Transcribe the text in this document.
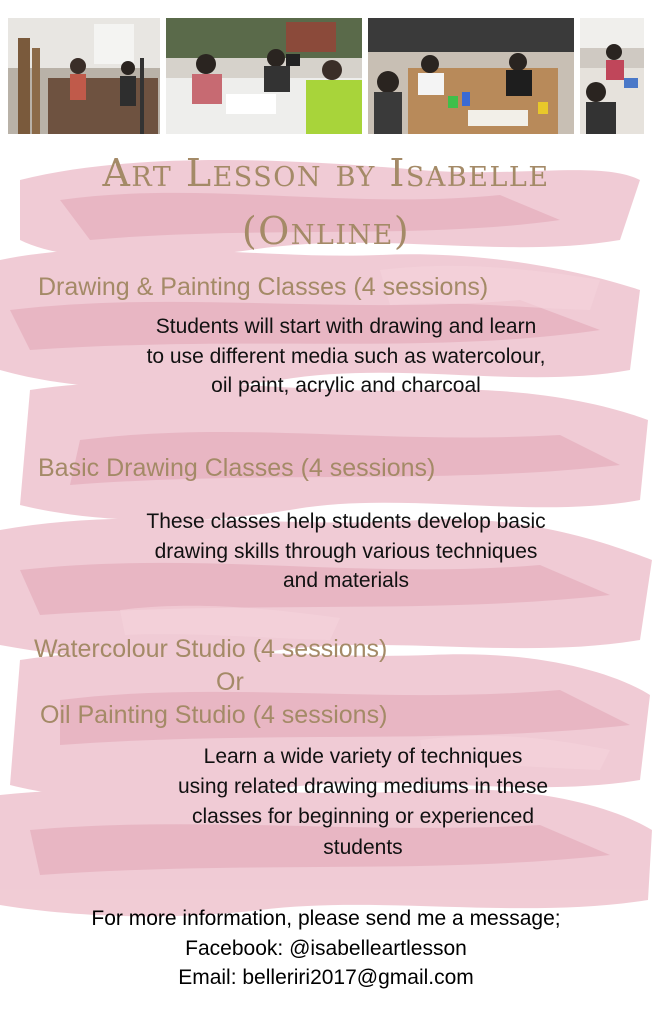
Art Lesson by Isabelle
(Online)
Drawing & Painting Classes (4 sessions)
Students will start with drawing and learn
to use different media such as watercolour,
oil paint, acrylic and charcoal
Basic Drawing Classes (4 sessions)
These classes help students develop basic
drawing skills through various techniques
and materials
Watercolour Studio (4 sessions)
Or
Oil Painting Studio (4 sessions)
Learn a wide variety of techniques
using related drawing mediums in these
classes for beginning or experienced
students
For more information, please send me a message;
Facebook: @isabelleartlesson
Email: belleriri2017@gmail.com
